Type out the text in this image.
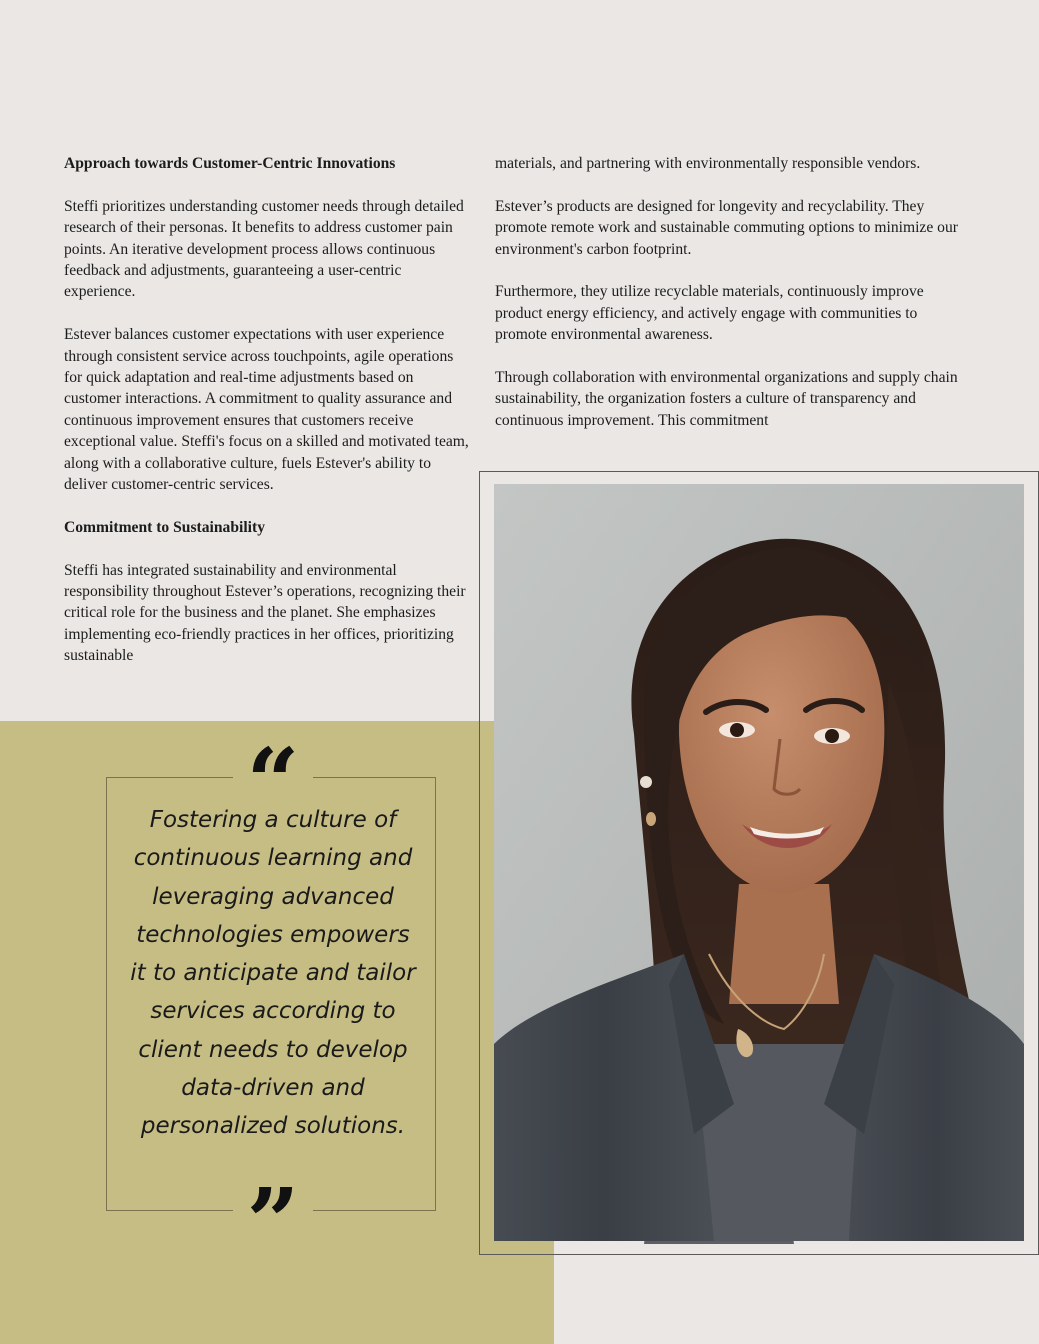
Approach towards Customer-Centric Innovations

Steffi prioritizes understanding customer needs through detailed research of their personas. It benefits to address customer pain points. An iterative development process allows continuous feedback and adjustments, guaranteeing a user-centric experience.

Estever balances customer expectations with user experience through consistent service across touchpoints, agile operations for quick adaptation and real-time adjustments based on customer interactions. A commitment to quality assurance and continuous improvement ensures that customers receive exceptional value. Steffi's focus on a skilled and motivated team, along with a collaborative culture, fuels Estever's ability to deliver customer-centric services.

Commitment to Sustainability

Steffi has integrated sustainability and environmental responsibility throughout Estever’s operations, recognizing their critical role for the business and the planet. She emphasizes implementing eco-friendly practices in her offices, prioritizing sustainable

materials, and partnering with environmentally responsible vendors.

Estever’s products are designed for longevity and recyclability. They promote remote work and sustainable commuting options to minimize our environment's carbon footprint.

Furthermore, they utilize recyclable materials, continuously improve product energy efficiency, and actively engage with communities to promote environmental awareness.

Through collaboration with environmental organizations and supply chain sustainability, the organization fosters a culture of transparency and continuous improvement. This commitment

“

Fostering a culture of continuous learning and leveraging advanced technologies empowers it to anticipate and tailor services according to client needs to develop data-driven and personalized solutions.

”
